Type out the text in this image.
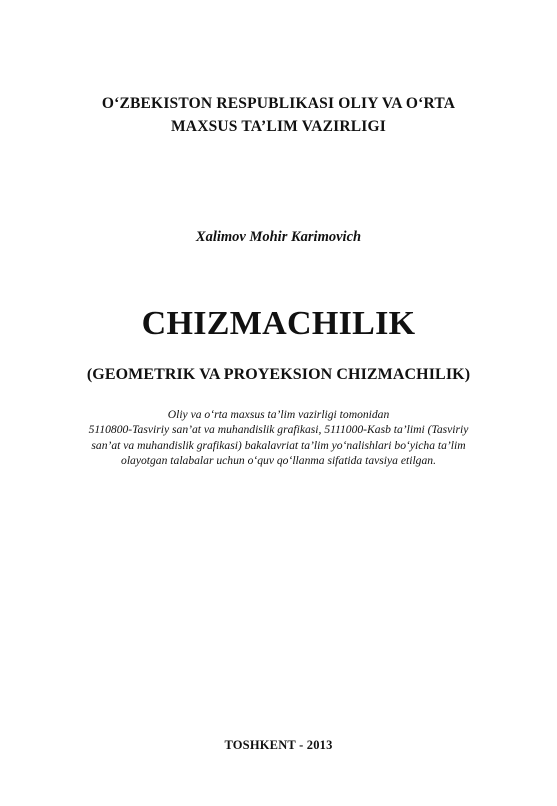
O‘ZBEKISTON RESPUBLIKASI OLIY VA O‘RTA
MAXSUS TA’LIM VAZIRLIGI
Xalimov Mohir Karimovich
CHIZMACHILIK
(GEOMETRIK VA PROYEKSION CHIZMACHILIK)
Oliy va o‘rta maxsus ta’lim vazirligi tomonidan
5110800-Tasviriy san’at va muhandislik grafikasi, 5111000-Kasb ta’limi (Tasviriy
san’at va muhandislik grafikasi) bakalavriat ta’lim yo‘nalishlari bo‘yicha ta’lim
olayotgan talabalar uchun o‘quv qo‘llanma sifatida tavsiya etilgan.
TOSHKENT - 2013
